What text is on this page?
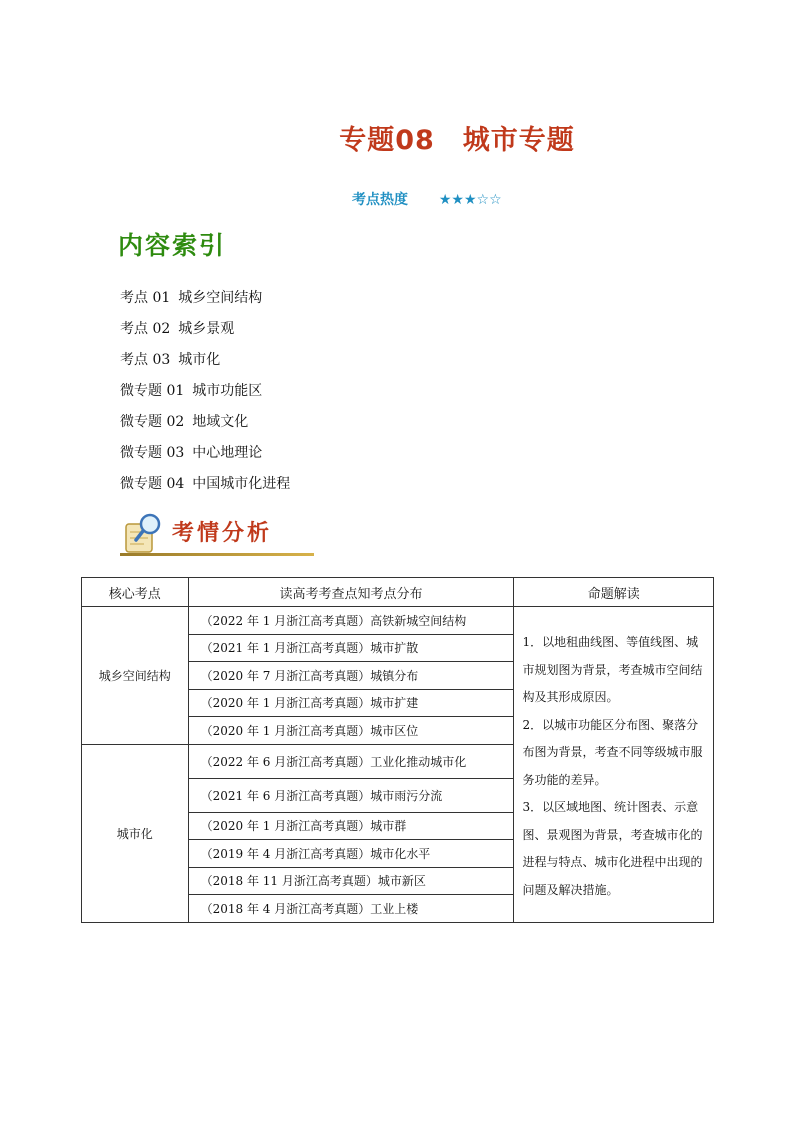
专题08　城市专题
考点热度 ★★★☆☆
内容索引
考点 01 城乡空间结构
考点 02 城乡景观
考点 03 城市化
微专题 01 城市功能区
微专题 02 地域文化
微专题 03 中心地理论
微专题 04 中国城市化进程
考情分析
核心考点	读高考考查点知考点分布	命题解读
城乡空间结构	（2022 年 1 月浙江高考真题）高铁新城空间结构	1．以地租曲线图、等值线图、城市规划图为背景，考查城市空间结构及其形成原因。
2．以城市功能区分布图、聚落分布图为背景，考查不同等级城市服务功能的差异。
3．以区域地图、统计图表、示意图、景观图为背景，考查城市化的进程与特点、城市化进程中出现的问题及解决措施。

	（2021 年 1 月浙江高考真题）城市扩散	
	（2020 年 7 月浙江高考真题）城镇分布	
	（2020 年 1 月浙江高考真题）城市扩建	
	（2020 年 1 月浙江高考真题）城市区位	
城市化	（2022 年 6 月浙江高考真题）工业化推动城市化	
	（2021 年 6 月浙江高考真题）城市雨污分流	
	（2020 年 1 月浙江高考真题）城市群	
	（2019 年 4 月浙江高考真题）城市化水平	
	（2018 年 11 月浙江高考真题）城市新区	
	（2018 年 4 月浙江高考真题）工业上楼	
